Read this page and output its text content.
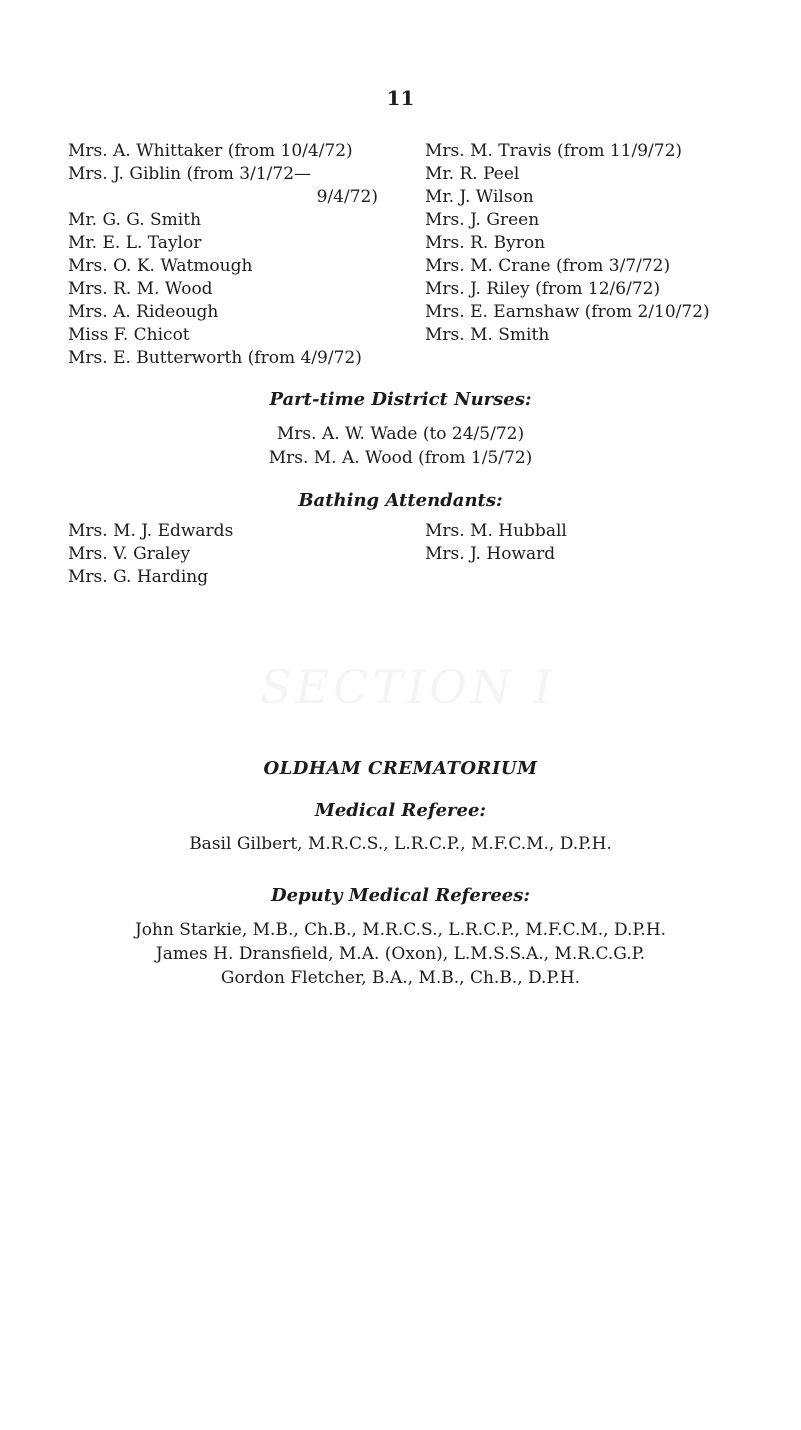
11
Mrs. A. Whittaker (from 10/4/72)
Mrs. J. Giblin (from 3/1/72—
9/4/72)
Mr. G. G. Smith
Mr. E. L. Taylor
Mrs. O. K. Watmough
Mrs. R. M. Wood
Mrs. A. Rideough
Miss F. Chicot
Mrs. E. Butterworth (from 4/9/72)
Mrs. M. Travis (from 11/9/72)
Mr. R. Peel
Mr. J. Wilson
Mrs. J. Green
Mrs. R. Byron
Mrs. M. Crane (from 3/7/72)
Mrs. J. Riley (from 12/6/72)
Mrs. E. Earnshaw (from 2/10/72)
Mrs. M. Smith
Part-time District Nurses:
Mrs. A. W. Wade (to 24/5/72)
Mrs. M. A. Wood (from 1/5/72)
Bathing Attendants:
Mrs. M. J. Edwards
Mrs. V. Graley
Mrs. G. Harding
Mrs. M. Hubball
Mrs. J. Howard
SECTION I
OLDHAM CREMATORIUM
Medical Referee:
Basil Gilbert, M.R.C.S., L.R.C.P., M.F.C.M., D.P.H.
Deputy Medical Referees:
John Starkie, M.B., Ch.B., M.R.C.S., L.R.C.P., M.F.C.M., D.P.H.
James H. Dransfield, M.A. (Oxon), L.M.S.S.A., M.R.C.G.P.
Gordon Fletcher, B.A., M.B., Ch.B., D.P.H.
